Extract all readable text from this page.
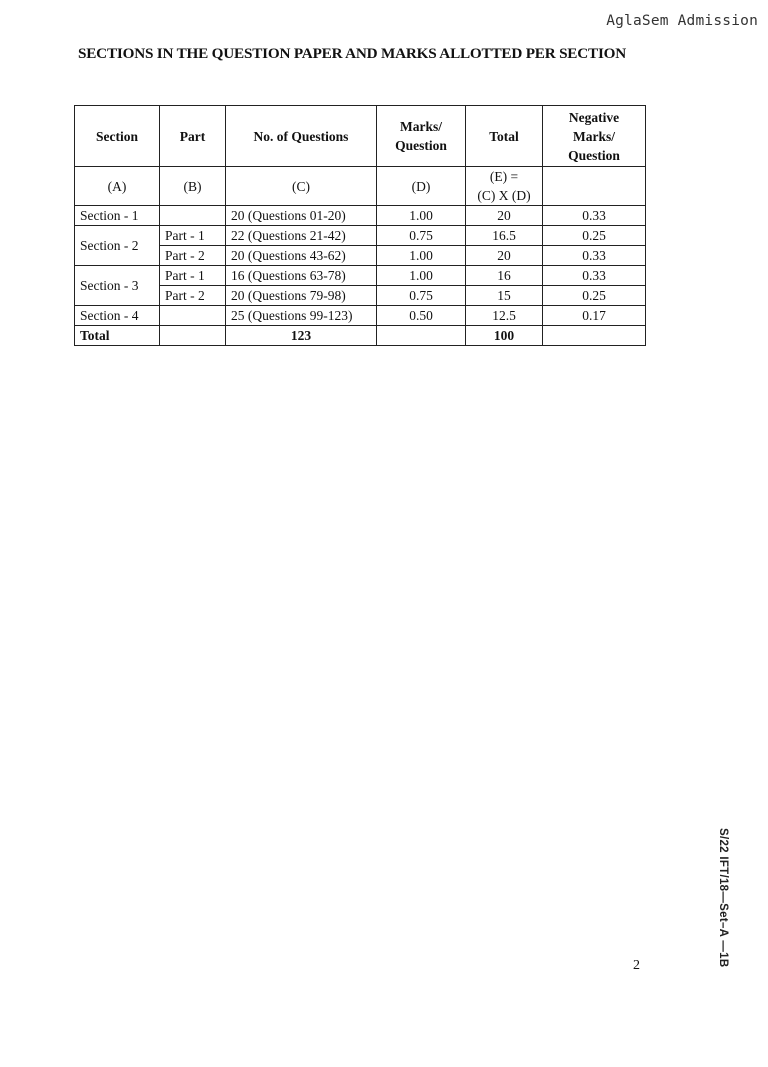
AglaSem Admission
SECTIONS IN THE QUESTION PAPER AND MARKS ALLOTTED PER SECTION
Section	Part	No. of Questions	Marks/ Question	Total	Negative Marks/ Question
(A)	(B)	(C)	(D)	(E) =
(C) X (D)	
Section - 1		20 (Questions 01-20)	1.00	20	0.33
Section - 2	Part - 1	22 (Questions 21-42)	0.75	16.5	0.25
	Part - 2	20 (Questions 43-62)	1.00	20	0.33
Section - 3	Part - 1	16 (Questions 63-78)	1.00	16	0.33
	Part - 2	20 (Questions 79-98)	0.75	15	0.25
Section - 4		25 (Questions 99-123)	0.50	12.5	0.17
Total		123		100	
S/22 IFT/18—Set–A —1B
2
